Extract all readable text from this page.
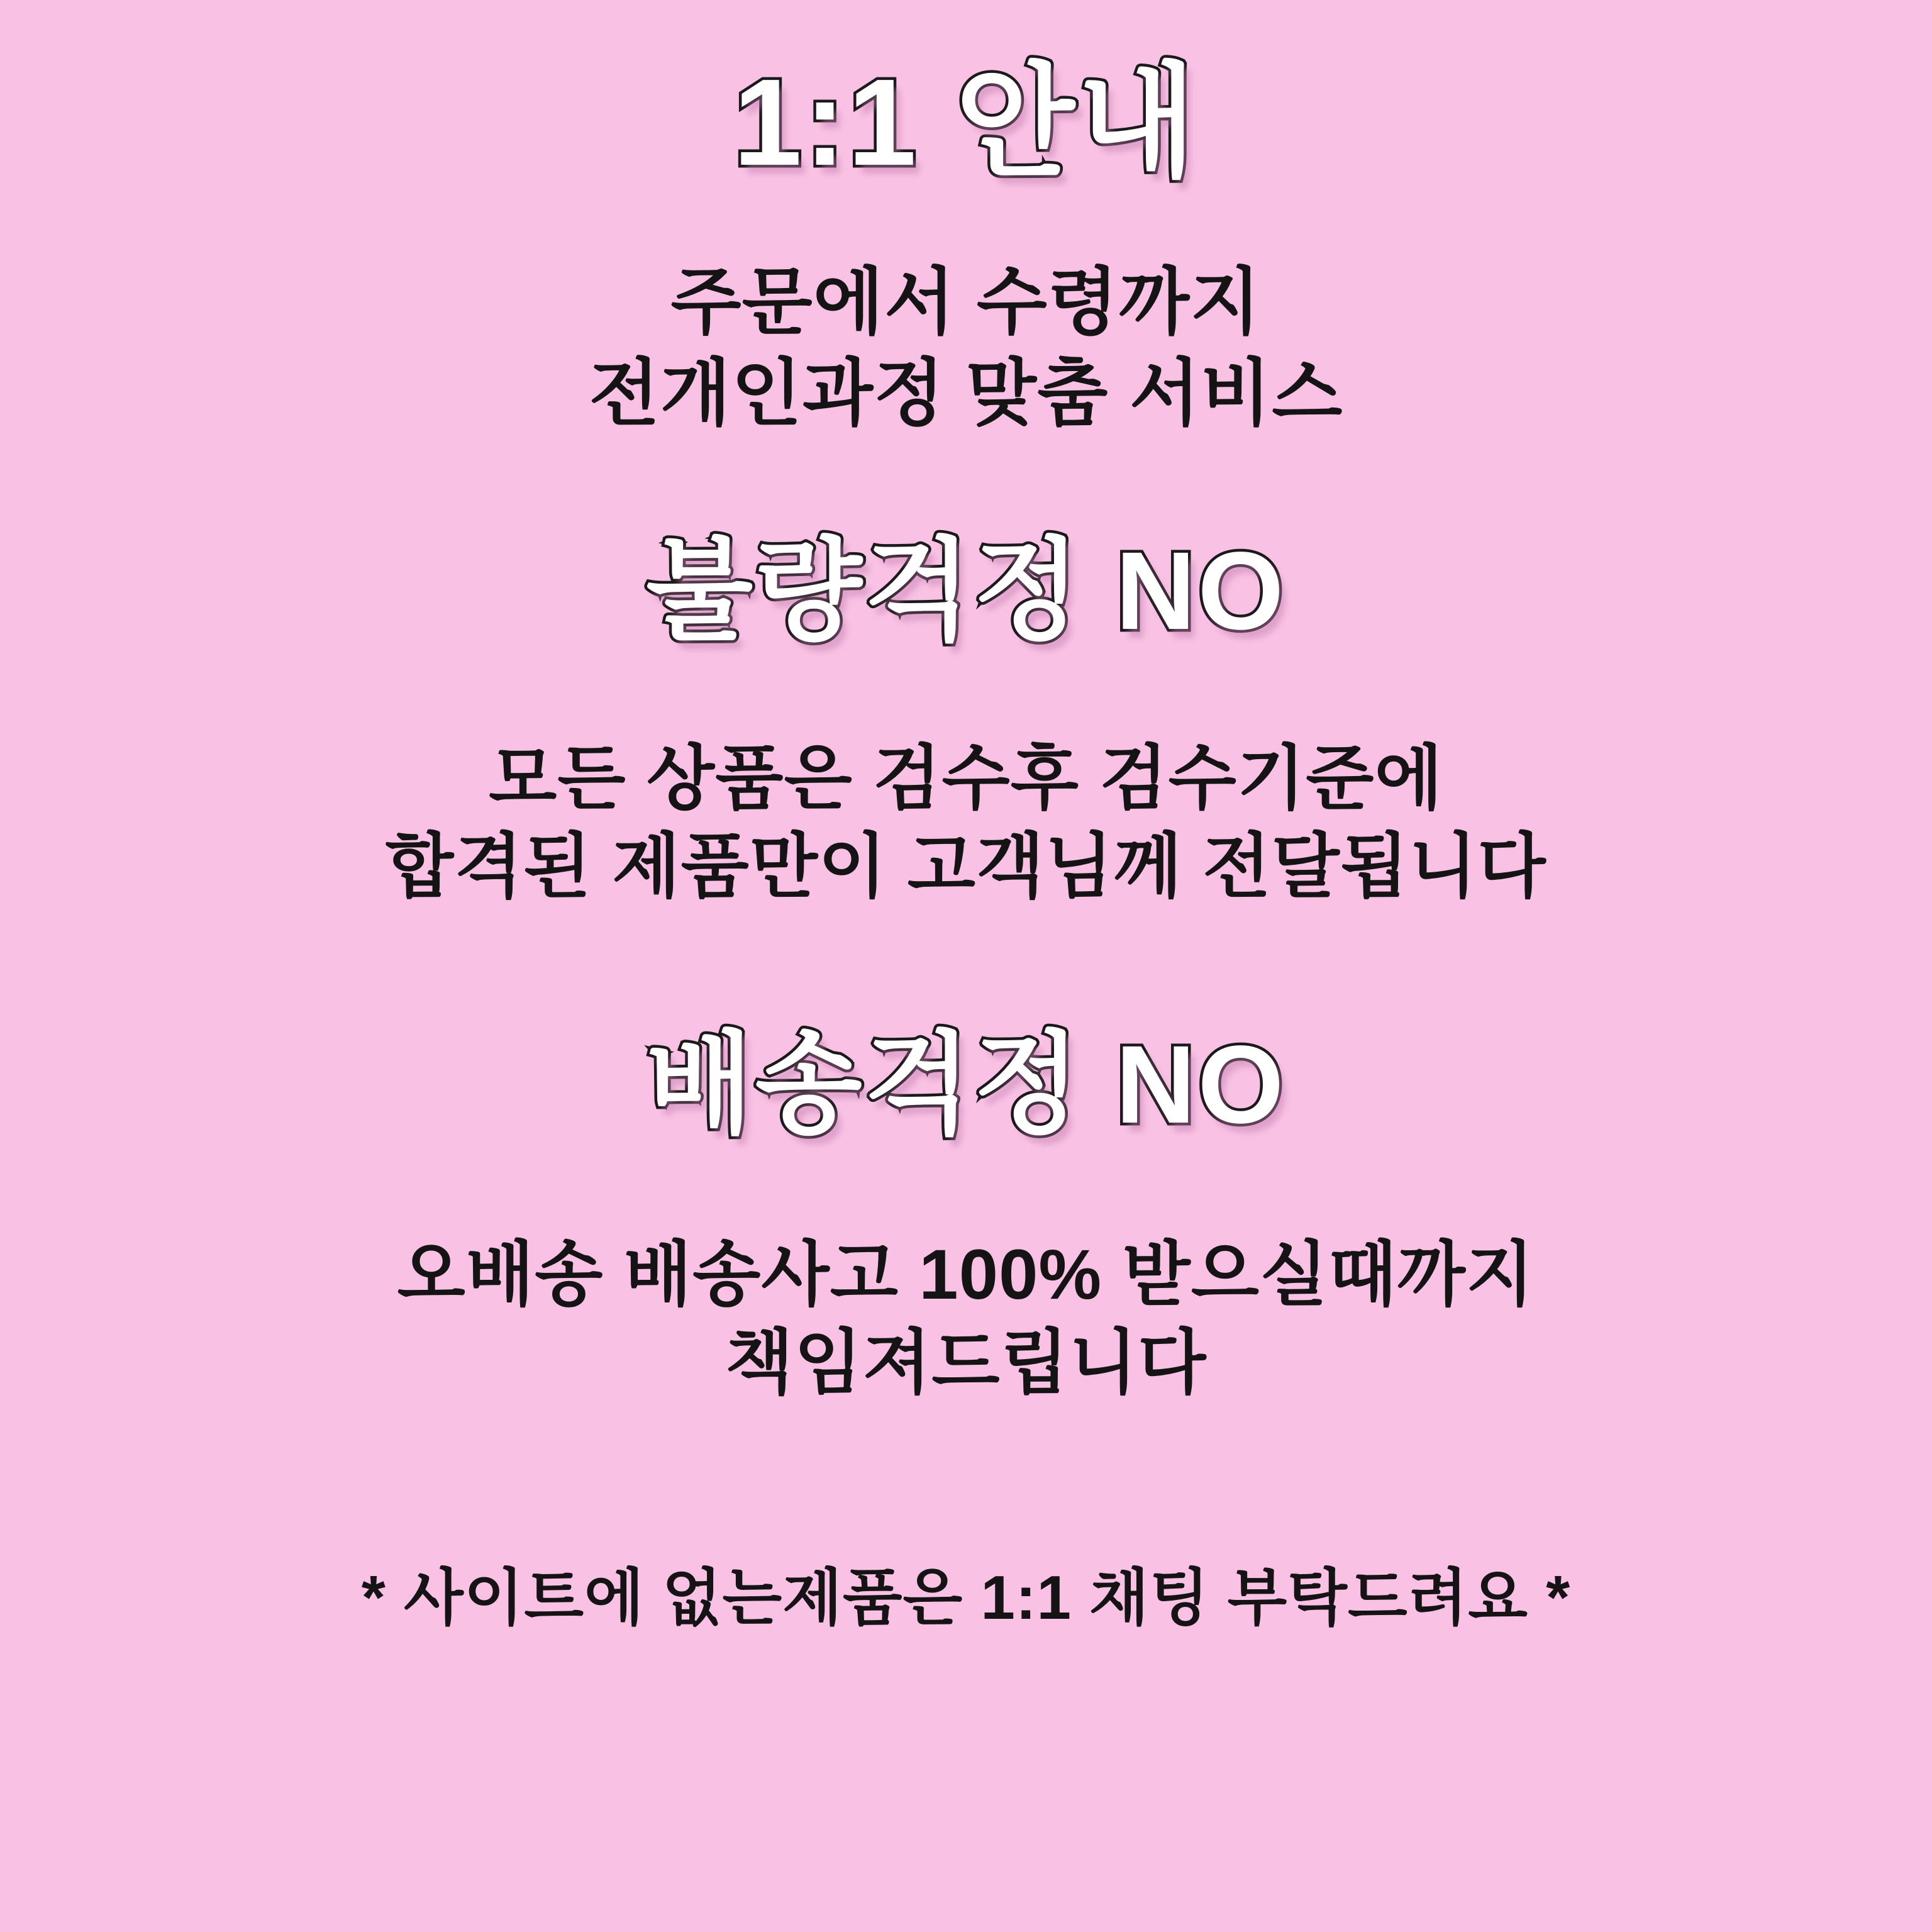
1:1 안내
주문에서 수령까지
전개인과정 맞춤 서비스
불량걱정 NO
모든 상품은 검수후 검수기준에
합격된 제품만이 고객님께 전달됩니다
배송걱정 NO
오배송 배송사고 100% 받으실때까지
책임져드립니다
* 사이트에 없는제품은 1:1 채팅 부탁드려요 *
